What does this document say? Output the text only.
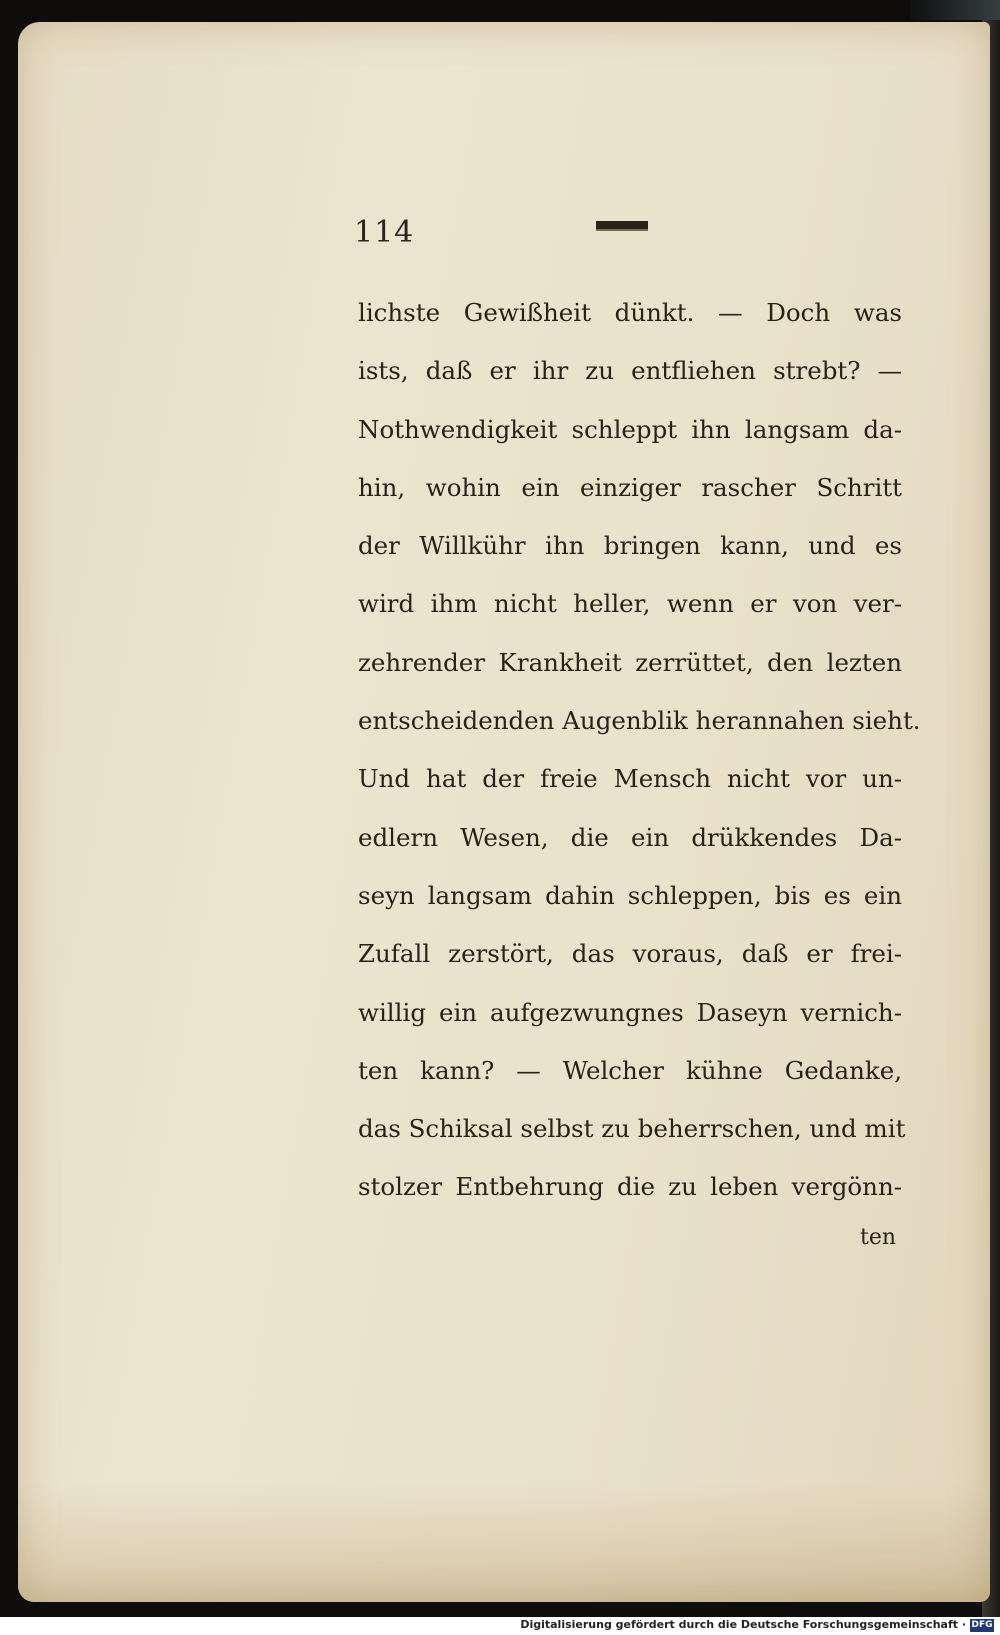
114
lichste Gewißheit dünkt. — Doch was
ists, daß er ihr zu entfliehen strebt? —
Nothwendigkeit schleppt ihn langsam da-
hin, wohin ein einziger rascher Schritt
der Willkühr ihn bringen kann, und es
wird ihm nicht heller, wenn er von ver-
zehrender Krankheit zerrüttet, den lezten
entscheidenden Augenblik herannahen sieht.
Und hat der freie Mensch nicht vor un-
edlern Wesen, die ein drükkendes Da-
seyn langsam dahin schleppen, bis es ein
Zufall zerstört, das voraus, daß er frei-
willig ein aufgezwungnes Daseyn vernich-
ten kann? — Welcher kühne Gedanke,
das Schiksal selbst zu beherrschen, und mit
stolzer Entbehrung die zu leben vergönn-
ten
Digitalisierung gefördert durch die Deutsche Forschungsgemeinschaft · DFG
